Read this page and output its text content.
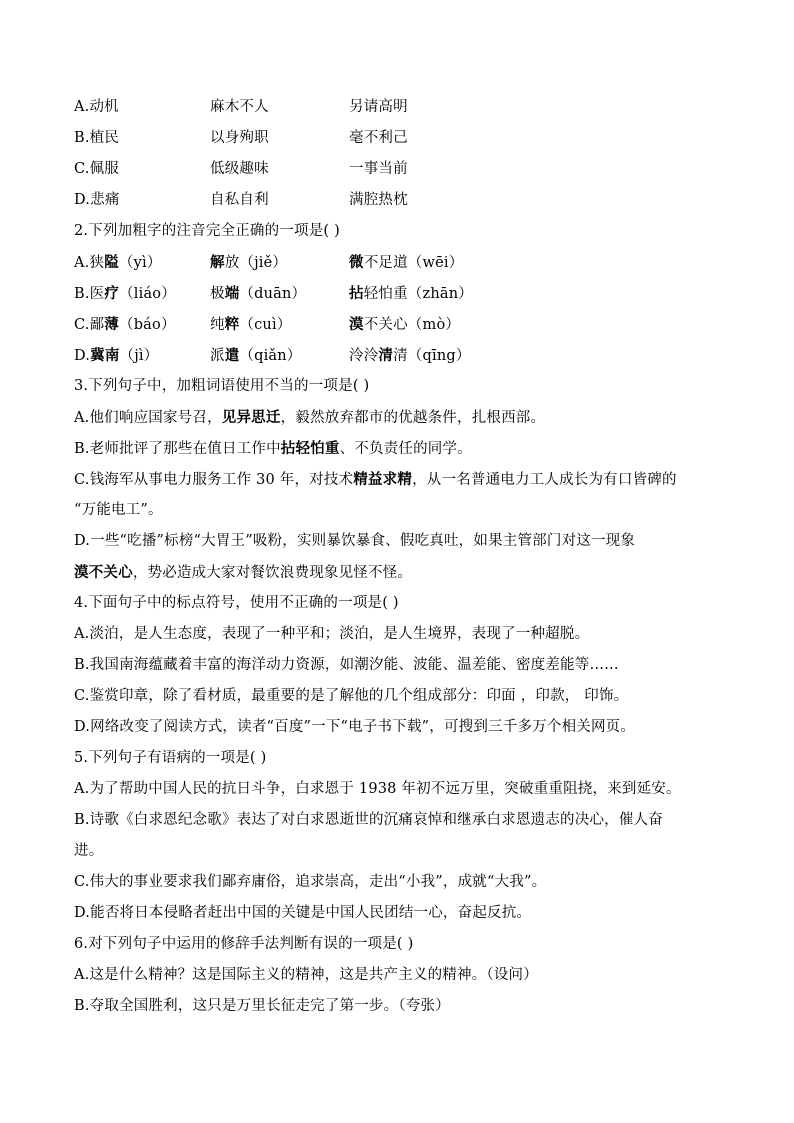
A.动机	麻木不人	另请高明
B.植民	以身殉职	毫不利己
C.佩服	低级趣味	一事当前
D.悲痛	自私自利	满腔热枕
2.下列加粗字的注音完全正确的一项是( )
A.狭隘（yì）	解放（jiě）	微不足道（wēi）
B.医疗（liáo）	极端（duān）	拈轻怕重（zhān）
C.鄙薄（báo）	纯粹（cuì）	漠不关心（mò）
D.冀南（jì）	派遣（qiǎn）	泠泠清清（qīng）
3.下列句子中，加粗词语使用不当的一项是( )
A.他们响应国家号召，见异思迁，毅然放弃都市的优越条件，扎根西部。
B.老师批评了那些在值日工作中拈轻怕重、不负责任的同学。
C.钱海军从事电力服务工作 30 年，对技术精益求精，从一名普通电力工人成长为有口皆碑的
“万能电工”。
D.一些“吃播”标榜“大胃王”吸粉，实则暴饮暴食、假吃真吐，如果主管部门对这一现象
漠不关心，势必造成大家对餐饮浪费现象见怪不怪。
4.下面句子中的标点符号，使用不正确的一项是( )
A.淡泊，是人生态度，表现了一种平和；淡泊，是人生境界，表现了一种超脱。
B.我国南海蕴藏着丰富的海洋动力资源，如潮汐能、波能、温差能、密度差能等……
C.鉴赏印章，除了看材质，最重要的是了解他的几个组成部分：印面 ，印款， 印饰。
D.网络改变了阅读方式，读者“百度”一下“电子书下载”，可搜到三千多万个相关网页。
5.下列句子有语病的一项是( )
A.为了帮助中国人民的抗日斗争，白求恩于 1938 年初不远万里，突破重重阻挠，来到延安。
B.诗歌《白求恩纪念歌》表达了对白求恩逝世的沉痛哀悼和继承白求恩遗志的决心，催人奋
进。
C.伟大的事业要求我们鄙弃庸俗，追求崇高，走出“小我”，成就“大我”。
D.能否将日本侵略者赶出中国的关键是中国人民团结一心，奋起反抗。
6.对下列句子中运用的修辞手法判断有误的一项是( )
A.这是什么精神？这是国际主义的精神，这是共产主义的精神。（设问）
B.夺取全国胜利，这只是万里长征走完了第一步。（夸张）
